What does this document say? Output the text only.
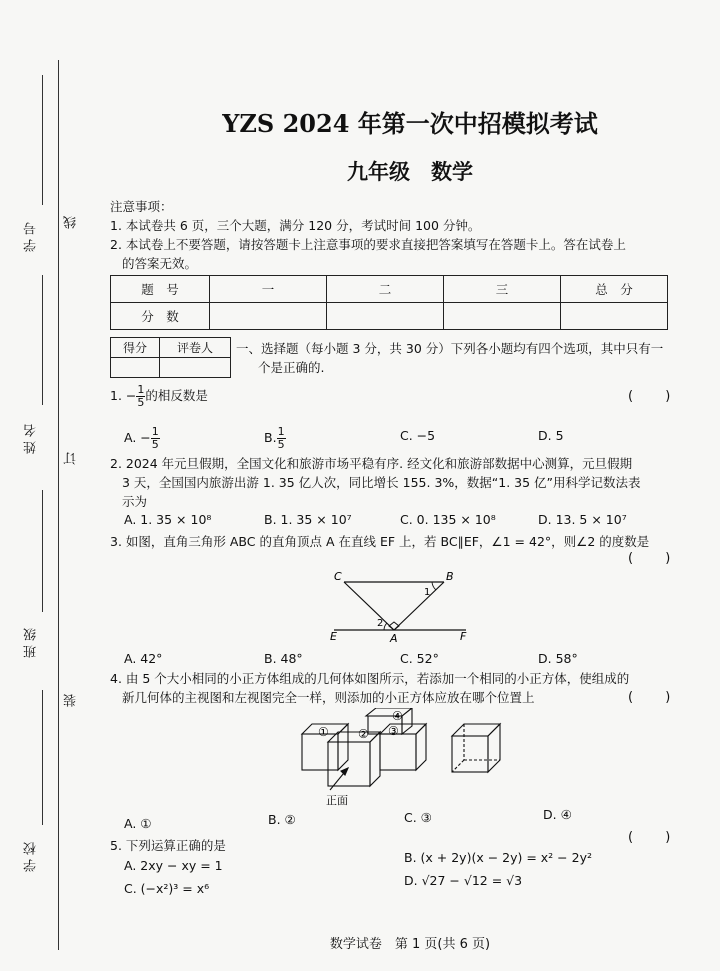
线
订
装
学号
姓名
班级
学校
YZS 2024 年第一次中招模拟考试
九年级　数学
注意事项：
1. 本试卷共 6 页，三个大题，满分 120 分，考试时间 100 分钟。
2. 本试卷上不要答题，请按答题卡上注意事项的要求直接把答案填写在答题卡上。答在试卷上
的答案无效。
题　号	一	二	三	总　分
分　数				
得分	评卷人
	一、选择题（每小题 3 分，共 30 分）下列各小题均有四个选项，其中只有一
个是正确的.
1. − $\frac{1}{5}$ 的相反数是	( )
A. − $\frac{1}{5}$	B. $\frac{1}{5}$	C. −5	D. 5
2. 2024 年元旦假期，全国文化和旅游市场平稳有序. 经文化和旅游部数据中心测算，元旦假期
3 天，全国国内旅游出游 1. 35 亿人次，同比增长 155. 3%，数据“1. 35 亿”用科学记数法表
示为
A. 1. 35 × 10⁸	B. 1. 35 × 10⁷	C. 0. 135 × 10⁸	D. 13. 5 × 10⁷
3. 如图，直角三角形 ABC 的直角顶点 A 在直线 EF 上，若 BC∥EF，∠1 = 42°，则∠2 的度数是
( )
C	B
1
2
E	A	F
A. 42°	B. 48°	C. 52°	D. 58°
4. 由 5 个大小相同的小正方体组成的几何体如图所示，若添加一个相同的小正方体，使组成的
新几何体的主视图和左视图完全一样，则添加的小正方体应放在哪个位置上	( )
① ② ③
④
正面
A. ①	B. ②	C. ③	D. ④
5. 下列运算正确的是
( )
A. 2xy − xy = 1
B. (x + 2y)(x − 2y) = x² − 2y²
C. (−x²)³ = x⁶
D. √27 − √12 = √3
数学试卷　第 1 页(共 6 页)
